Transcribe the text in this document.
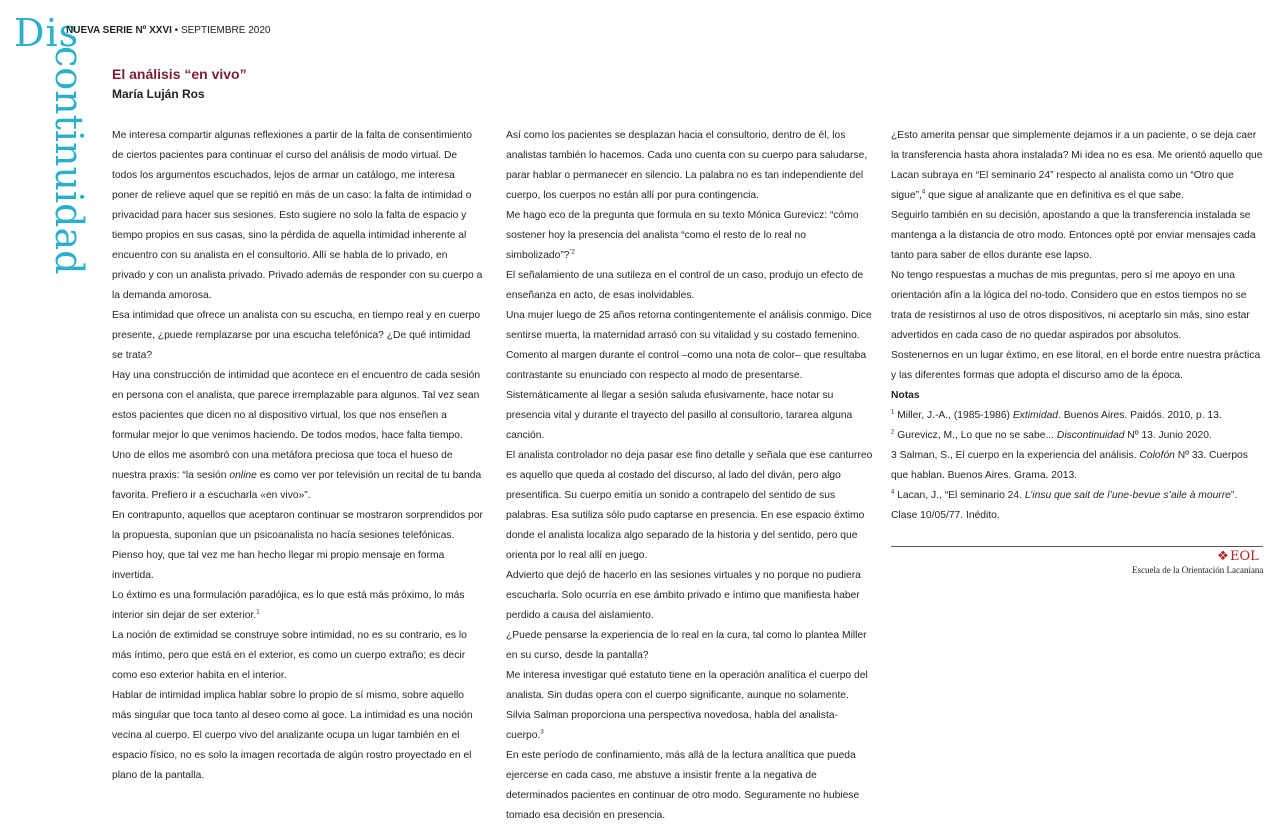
Dis
continuidad
NUEVA SERIE Nº XXVI • SEPTIEMBRE 2020
El análisis “en vivo”
María Luján Ros

Me interesa compartir algunas reflexiones a partir de la falta de consentimiento de ciertos pacientes para continuar el curso del análisis de modo virtual. De todos los argumentos escuchados, lejos de armar un catálogo, me interesa poner de relieve aquel que se repitió en más de un caso: la falta de intimidad o privacidad para hacer sus sesiones. Esto sugiere no solo la falta de espacio y tiempo propios en sus casas, sino la pérdida de aquella intimidad inherente al encuentro con su analista en el consultorio. Allí se habla de lo privado, en privado y con un analista privado. Privado además de responder con su cuerpo a la demanda amorosa.

Esa intimidad que ofrece un analista con su escucha, en tiempo real y en cuerpo presente, ¿puede remplazarse por una escucha telefónica? ¿De qué intimidad se trata?

Hay una construcción de intimidad que acontece en el encuentro de cada sesión en persona con el analista, que parece irremplazable para algunos. Tal vez sean estos pacientes que dicen no al dispositivo virtual, los que nos enseñen a formular mejor lo que venimos haciendo. De todos modos, hace falta tiempo. Uno de ellos me asombró con una metáfora preciosa que toca el hueso de nuestra praxis: “la sesión online es como ver por televisión un recital de tu banda favorita. Prefiero ir a escucharla «en vivo»”.

En contrapunto, aquellos que aceptaron continuar se mostraron sorprendidos por la propuesta, suponían que un psicoanalista no hacía sesiones telefónicas. Pienso hoy, que tal vez me han hecho llegar mi propio mensaje en forma invertida.

Lo éxtimo es una formulación paradójica, es lo que está más próximo, lo más interior sin dejar de ser exterior.$^1$

La noción de extimidad se construye sobre intimidad, no es su contrario, es lo más íntimo, pero que está en el exterior, es como un cuerpo extraño; es decir como eso exterior habita en el interior.

Hablar de intimidad implica hablar sobre lo propio de sí mismo, sobre aquello más singular que toca tanto al deseo como al goce. La intimidad es una noción vecina al cuerpo. El cuerpo vivo del analizante ocupa un lugar también en el espacio físico, no es solo la imagen recortada de algún rostro proyectado en el plano de la pantalla.

Así como los pacientes se desplazan hacia el consultorio, dentro de él, los analistas también lo hacemos. Cada uno cuenta con su cuerpo para saludarse, parar hablar o permanecer en silencio. La palabra no es tan independiente del cuerpo, los cuerpos no están allí por pura contingencia.

Me hago eco de la pregunta que formula en su texto Mónica Gurevicz: “cómo sostener hoy la presencia del analista “como el resto de lo real no simbolizado”?$^{”2}$

El señalamiento de una sutileza en el control de un caso, produjo un efecto de enseñanza en acto, de esas inolvidables.

Una mujer luego de 25 años retorna contingentemente el análisis conmigo. Dice sentirse muerta, la maternidad arrasó con su vitalidad y su costado femenino. Comento al margen durante el control –como una nota de color– que resultaba contrastante su enunciado con respecto al modo de presentarse.

Sistemáticamente al llegar a sesión saluda efusivamente, hace notar su presencia vital y durante el trayecto del pasillo al consultorio, tararea alguna canción.

El analista controlador no deja pasar ese fino detalle y señala que ese canturreo es aquello que queda al costado del discurso, al lado del diván, pero algo presentifica. Su cuerpo emitía un sonido a contrapelo del sentido de sus palabras. Esa sutiliza sólo pudo captarse en presencia. En ese espacio éxtimo donde el analista localiza algo separado de la historia y del sentido, pero que orienta por lo real allí en juego.

Advierto que dejó de hacerlo en las sesiones virtuales y no porque no pudiera escucharla. Solo ocurría en ese ámbito privado e íntimo que manifiesta haber perdido a causa del aislamiento.

¿Puede pensarse la experiencia de lo real en la cura, tal como lo plantea Miller en su curso, desde la pantalla?

Me interesa investigar qué estatuto tiene en la operación analítica el cuerpo del analista. Sin dudas opera con el cuerpo significante, aunque no solamente. Silvia Salman proporciona una perspectiva novedosa, habla del analista-cuerpo.$^3$

En este período de confinamiento, más allá de la lectura analítica que pueda ejercerse en cada caso, me abstuve a insistir frente a la negativa de determinados pacientes en continuar de otro modo. Seguramente no hubiese tomado esa decisión en presencia.

¿Esto amerita pensar que simplemente dejamos ir a un paciente, o se deja caer la transferencia hasta ahora instalada? Mi idea no es esa. Me orientó aquello que Lacan subraya en “El seminario 24” respecto al analista como un “Otro que sigue”,$^4$ que sigue al analizante que en definitiva es el que sabe.

Seguirlo también en su decisión, apostando a que la transferencia instalada se mantenga a la distancia de otro modo. Entonces opté por enviar mensajes cada tanto para saber de ellos durante ese lapso.

No tengo respuestas a muchas de mis preguntas, pero sí me apoyo en una orientación afín a la lógica del no-todo. Considero que en estos tiempos no se trata de resistirnos al uso de otros dispositivos, ni aceptarlo sin más, sino estar advertidos en cada caso de no quedar aspirados por absolutos.

Sostenernos en un lugar éxtimo, en ese litoral, en el borde entre nuestra práctica y las diferentes formas que adopta el discurso amo de la época.

Notas

$^1$ Miller, J.-A., (1985-1986) Extimidad. Buenos Aires. Paidós. 2010, p. 13.

$^2$ Gurevicz, M., Lo que no se sabe... Discontinuidad Nº 13. Junio 2020.

3 Salman, S., El cuerpo en la experiencia del análisis. Colofón Nº 33. Cuerpos que hablan. Buenos Aires. Grama. 2013.

$^4$ Lacan, J., “El seminario 24. L’insu que sait de l’une-bevue s’aile à mourre”. Clase 10/05/77. Inédito.

❖EOL
Escuela de la Orientación Lacaniana
